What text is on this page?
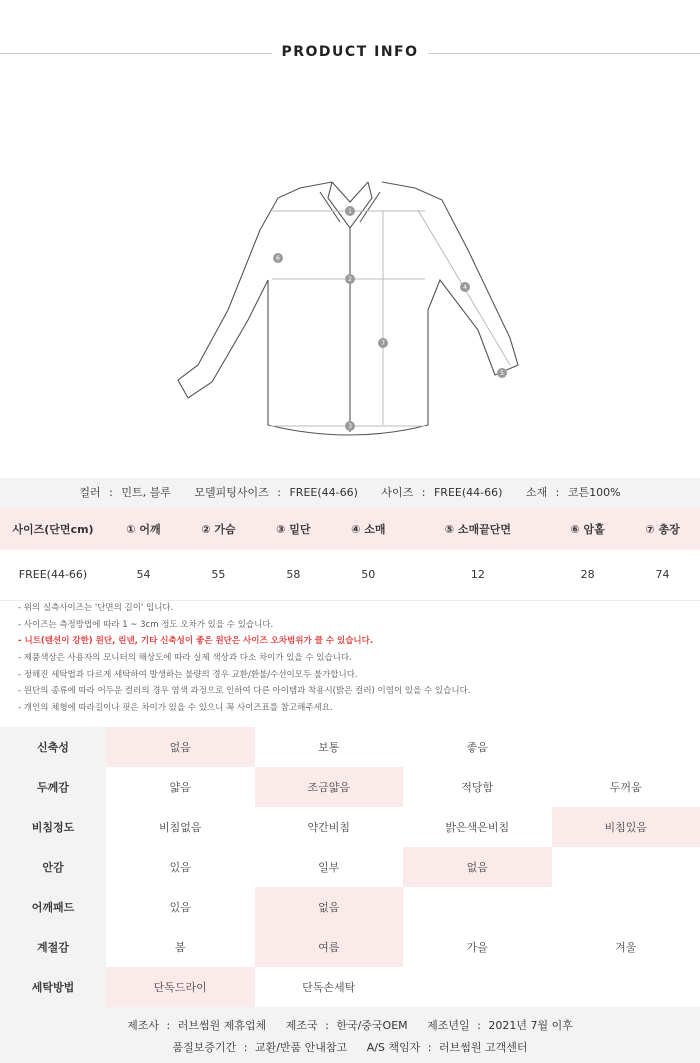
PRODUCT INFO
1
2
3
4
5
6
7
컬러 : 민트, 블루 모델피팅사이즈 : FREE(44-66) 사이즈 : FREE(44-66) 소재 : 코튼100%
사이즈(단면cm)	① 어깨	② 가슴	③ 밑단	④ 소매	⑤ 소매끝단면	⑥ 암홀	⑦ 총장
FREE(44-66)	54	55	58	50	12	28	74
- 위의 실측사이즈는 '단면의 길이' 입니다.
- 사이즈는 측정방법에 따라 1 ~ 3cm 정도 오차가 있을 수 있습니다.
- 니트(텐션이 강한) 원단, 린넨, 기타 신축성이 좋은 원단은 사이즈 오차범위가 클 수 있습니다.
- 제품색상은 사용자의 모니터의 해상도에 따라 실제 색상과 다소 차이가 있을 수 있습니다.
- 정해진 세탁법과 다르게 세탁하여 발생하는 불량의 경우 교환/환불/수선이모두 불가합니다.
- 원단의 종류에 따라 어두운 컬러의 경우 염색 과정으로 인하여 다른 아이템과 착용시(밝은 컬러) 이염이 있을 수 있습니다.
- 개인의 체형에 따라길이나 핏은 차이가 있을 수 있으니 꼭 사이즈표를 참고해주세요.
신축성	없음	보통	좋음	
두께감	얇음	조금얇음	적당함	두꺼움
비침정도	비침없음	약간비침	밝은색은비침	비침있음
안감	있음	일부	없음	
어깨패드	있음	없음		
계절감	봄	여름	가을	겨울
세탁방법	단독드라이	단독손세탁		
제조사 : 러브썸원 제휴업체 제조국 : 한국/중국OEM 제조년일 : 2021년 7월 이후
품질보증기간 : 교환/반품 안내참고 A/S 책임자 : 러브썸원 고객센터
